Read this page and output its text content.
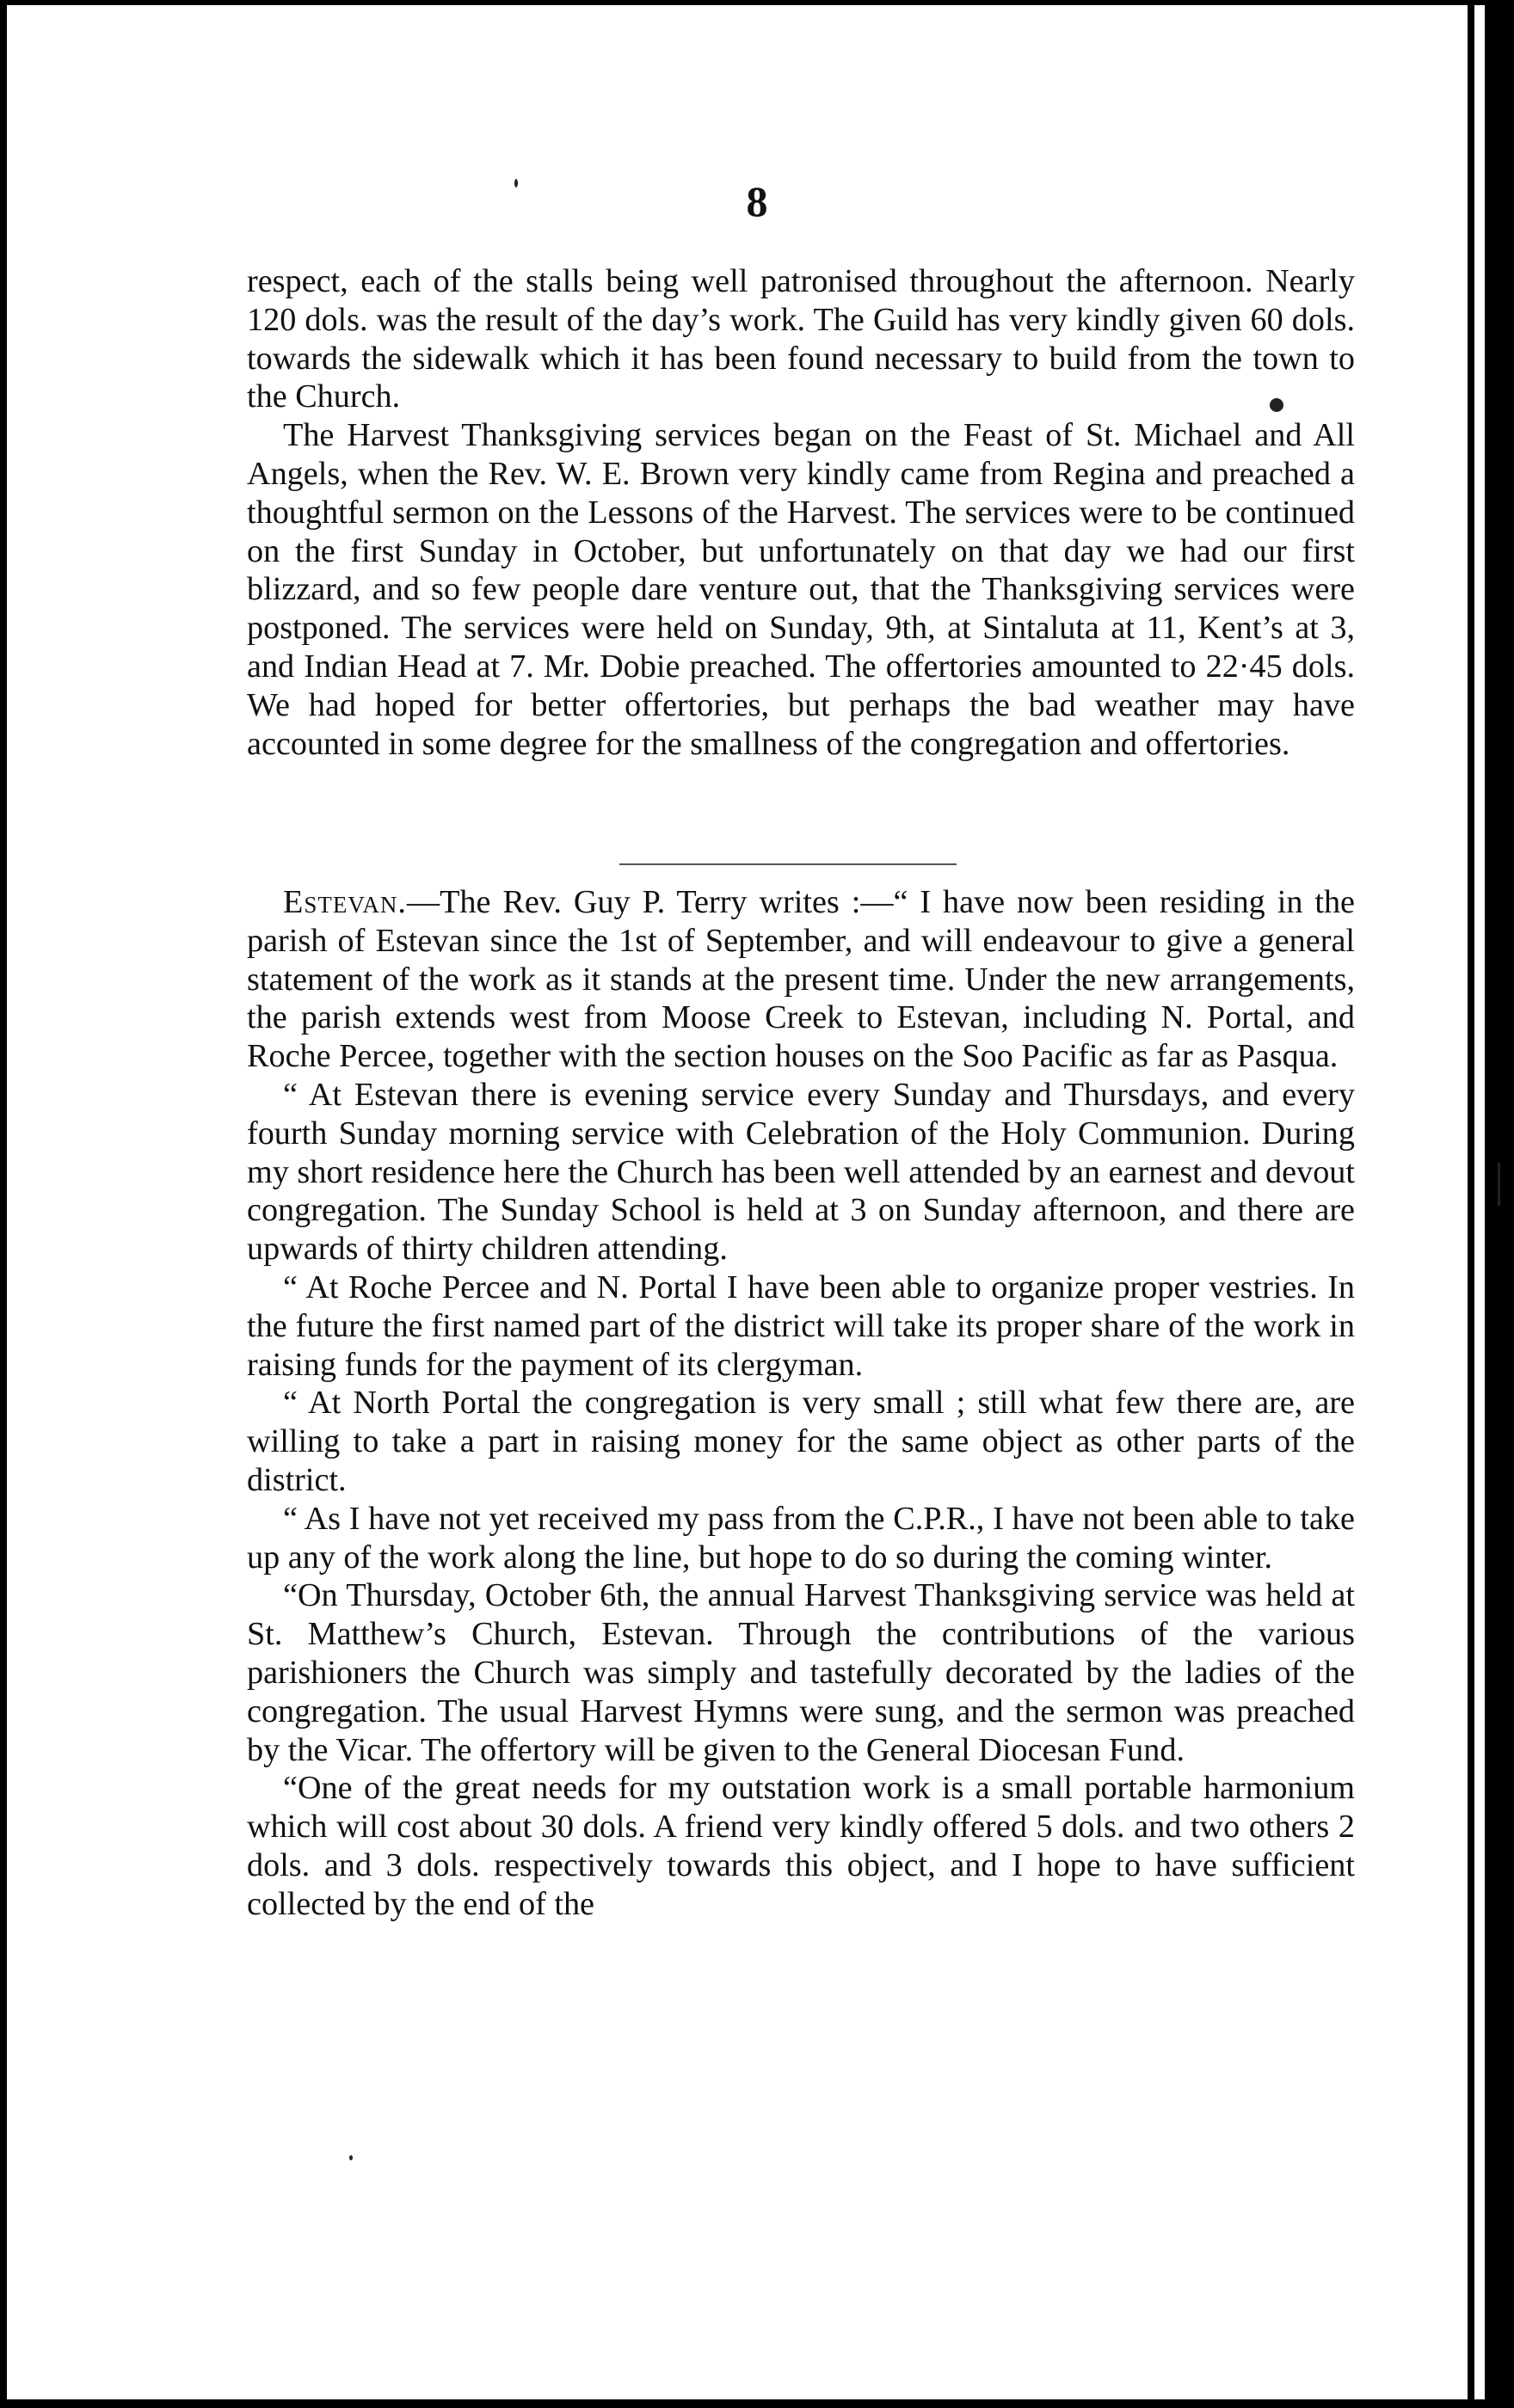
8

respect, each of the stalls being well patronised throughout the afternoon. Nearly 120 dols. was the result of the day’s work. The Guild has very kindly given 60 dols. towards the sidewalk which it has been found necessary to build from the town to the Church.

The Harvest Thanksgiving services began on the Feast of St. Michael and All Angels, when the Rev. W. E. Brown very kindly came from Regina and preached a thoughtful sermon on the Lessons of the Harvest. The services were to be continued on the first Sunday in October, but unfortunately on that day we had our first blizzard, and so few people dare venture out, that the Thanksgiving services were postponed. The services were held on Sunday, 9th, at Sintaluta at 11, Kent’s at 3, and Indian Head at 7. Mr. Dobie preached. The offertories amounted to 22·45 dols. We had hoped for better offertories, but perhaps the bad weather may have accounted in some degree for the smallness of the congregation and offertories.

Estevan.—The Rev. Guy P. Terry writes :—“ I have now been residing in the parish of Estevan since the 1st of September, and will endeavour to give a general statement of the work as it stands at the present time. Under the new arrangements, the parish extends west from Moose Creek to Estevan, including N. Portal, and Roche Percee, together with the section houses on the Soo Pacific as far as Pasqua.

“ At Estevan there is evening service every Sunday and Thursdays, and every fourth Sunday morning service with Celebration of the Holy Communion. During my short residence here the Church has been well attended by an earnest and devout congregation. The Sunday School is held at 3 on Sunday afternoon, and there are upwards of thirty children attending.

“ At Roche Percee and N. Portal I have been able to organize proper vestries. In the future the first named part of the district will take its proper share of the work in raising funds for the payment of its clergyman.

“ At North Portal the congregation is very small ; still what few there are, are willing to take a part in raising money for the same object as other parts of the district.

“ As I have not yet received my pass from the C.P.R., I have not been able to take up any of the work along the line, but hope to do so during the coming winter.

“On Thursday, October 6th, the annual Harvest Thanksgiving service was held at St. Matthew’s Church, Estevan. Through the contributions of the various parishioners the Church was simply and tastefully decorated by the ladies of the congregation. The usual Harvest Hymns were sung, and the sermon was preached by the Vicar. The offertory will be given to the General Diocesan Fund.

“One of the great needs for my outstation work is a small portable harmonium which will cost about 30 dols. A friend very kindly offered 5 dols. and two others 2 dols. and 3 dols. respectively towards this object, and I hope to have sufficient collected by the end of the
